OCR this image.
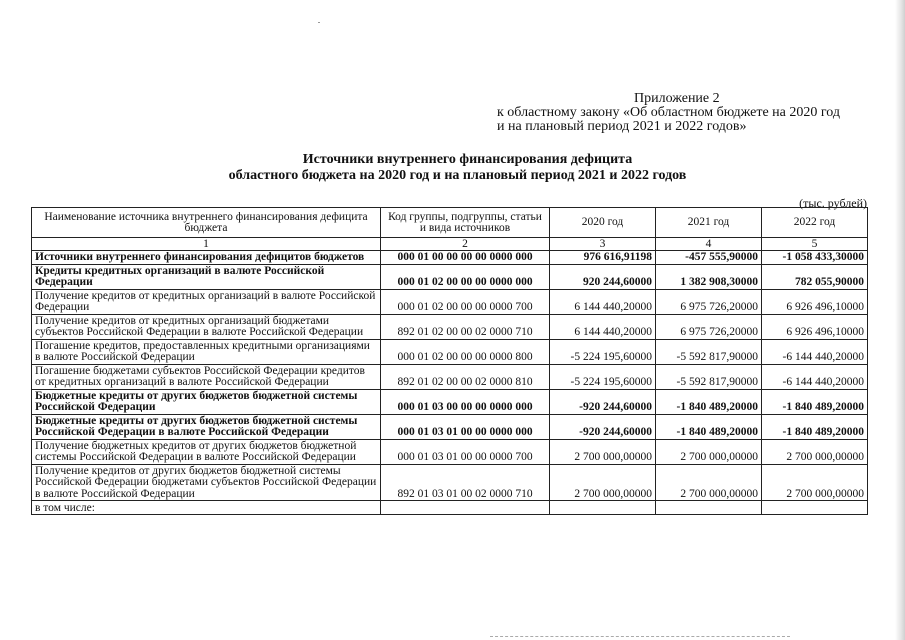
Приложение 2
к областному закону «Об областном бюджете на 2020 год
и на плановый период 2021 и 2022 годов»
Источники внутреннего финансирования дефицита
областного бюджета на 2020 год и на плановый период 2021 и 2022 годов
(тыс. рублей)
Наименование источника внутреннего финансирования дефицита бюджета	Код группы, подгруппы, статьи и вида источников	2020 год	2021 год	2022 год
1	2	3	4	5
Источники внутреннего финансирования дефицитов бюджетов	000 01 00 00 00 00 0000 000	976 616,91198	-457 555,90000	-1 058 433,30000
Кредиты кредитных организаций в валюте Российской Федерации	000 01 02 00 00 00 0000 000	920 244,60000	1 382 908,30000	782 055,90000
Получение кредитов от кредитных организаций в валюте Российской Федерации	000 01 02 00 00 00 0000 700	6 144 440,20000	6 975 726,20000	6 926 496,10000
Получение кредитов от кредитных организаций бюджетами субъектов Российской Федерации в валюте Российской Федерации	892 01 02 00 00 02 0000 710	6 144 440,20000	6 975 726,20000	6 926 496,10000
Погашение кредитов, предоставленных кредитными организациями в валюте Российской Федерации	000 01 02 00 00 00 0000 800	-5 224 195,60000	-5 592 817,90000	-6 144 440,20000
Погашение бюджетами субъектов Российской Федерации кредитов от кредитных организаций в валюте Российской Федерации	892 01 02 00 00 02 0000 810	-5 224 195,60000	-5 592 817,90000	-6 144 440,20000
Бюджетные кредиты от других бюджетов бюджетной системы Российской Федерации	000 01 03 00 00 00 0000 000	-920 244,60000	-1 840 489,20000	-1 840 489,20000
Бюджетные кредиты от других бюджетов бюджетной системы Российской Федерации в валюте Российской Федерации	000 01 03 01 00 00 0000 000	-920 244,60000	-1 840 489,20000	-1 840 489,20000
Получение бюджетных кредитов от других бюджетов бюджетной системы Российской Федерации в валюте Российской Федерации	000 01 03 01 00 00 0000 700	2 700 000,00000	2 700 000,00000	2 700 000,00000
Получение кредитов от других бюджетов бюджетной системы Российской Федерации бюджетами субъектов Российской Федерации в валюте Российской Федерации	892 01 03 01 00 02 0000 710	2 700 000,00000	2 700 000,00000	2 700 000,00000
в том числе:				
